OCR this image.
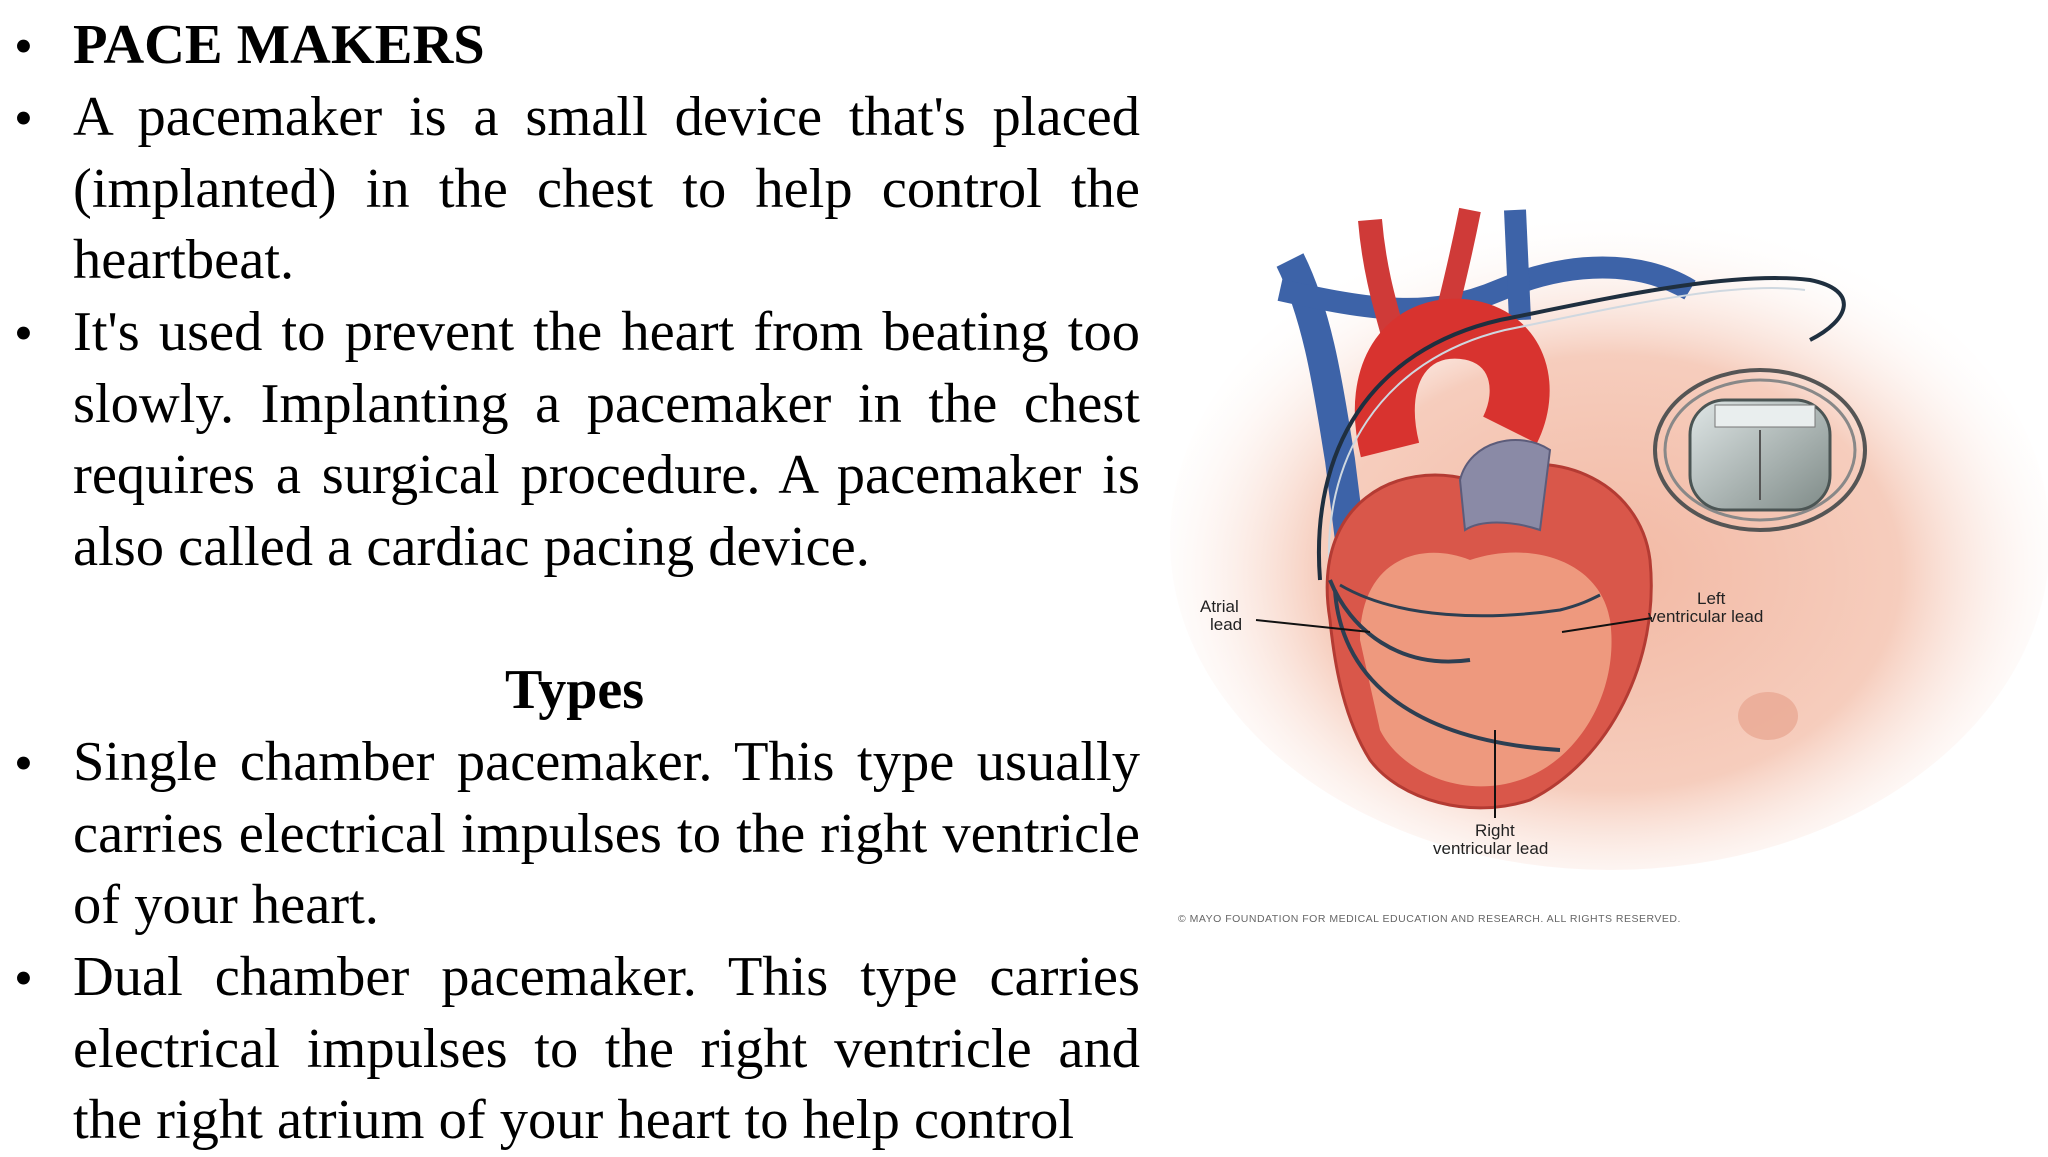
• PACE MAKERS
• A pacemaker is a small device that's placed (implanted) in the chest to help control the heartbeat.
• It's used to prevent the heart from beating too slowly. Implanting a pacemaker in the chest requires a surgical procedure. A pacemaker is also called a cardiac pacing device.
Types
• Single chamber pacemaker. This type usually carries electrical impulses to the right ventricle of your heart.
• Dual chamber pacemaker. This type carries electrical impulses to the right ventricle and the right atrium of your heart to help control
Atrial
lead
Left
ventricular lead
Right
ventricular lead
© MAYO FOUNDATION FOR MEDICAL EDUCATION AND RESEARCH. ALL RIGHTS RESERVED.
